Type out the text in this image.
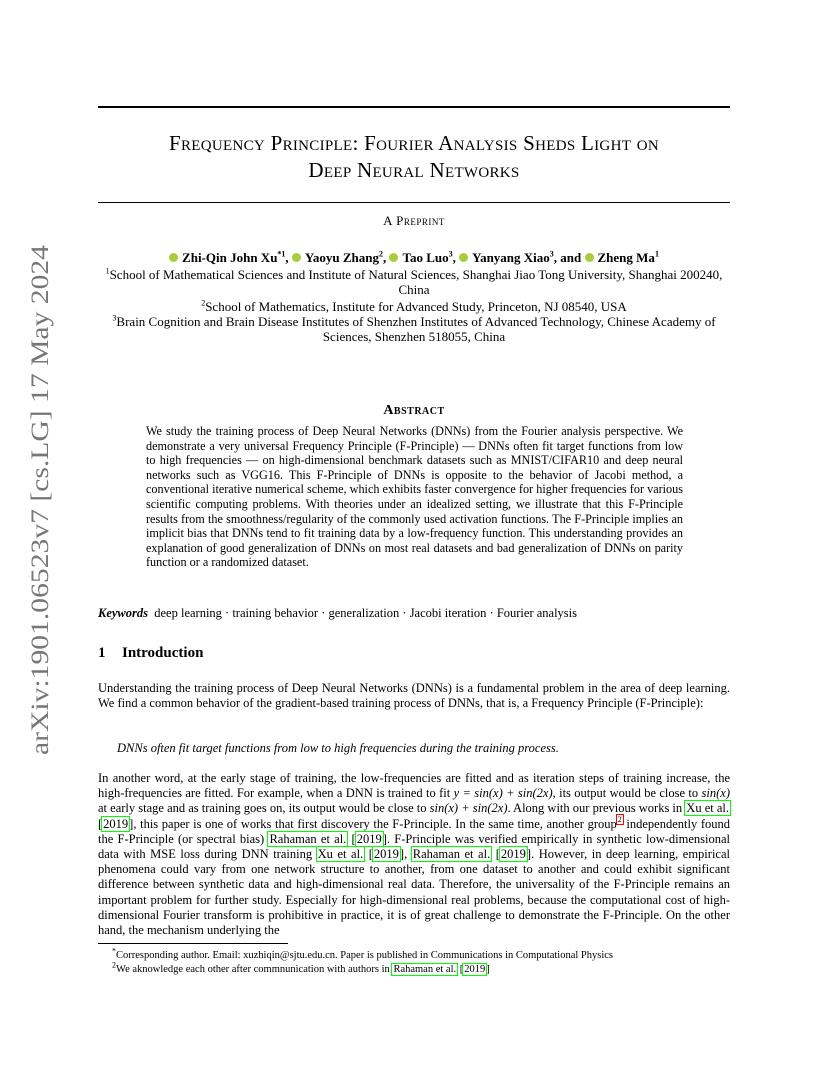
arXiv:1901.06523v7 [cs.LG] 17 May 2024
Frequency Principle: Fourier Analysis Sheds Light on
Deep Neural Networks
A Preprint
Zhi-Qin John Xu$^{*1}$, Yaoyu Zhang$^2$, Tao Luo$^3$, Yanyang Xiao$^3$, and Zheng Ma$^1$
$^1$School of Mathematical Sciences and Institute of Natural Sciences, Shanghai Jiao Tong University, Shanghai 200240, China
$^2$School of Mathematics, Institute for Advanced Study, Princeton, NJ 08540, USA
$^3$Brain Cognition and Brain Disease Institutes of Shenzhen Institutes of Advanced Technology, Chinese Academy of Sciences, Shenzhen 518055, China
Abstract
We study the training process of Deep Neural Networks (DNNs) from the Fourier analysis perspective. We demonstrate a very universal Frequency Principle (F-Principle) — DNNs often fit target functions from low to high frequencies — on high-dimensional benchmark datasets such as MNIST/CIFAR10 and deep neural networks such as VGG16. This F-Principle of DNNs is opposite to the behavior of Jacobi method, a conventional iterative numerical scheme, which exhibits faster convergence for higher frequencies for various scientific computing problems. With theories under an idealized setting, we illustrate that this F-Principle results from the smoothness/regularity of the commonly used activation functions. The F-Principle implies an implicit bias that DNNs tend to fit training data by a low-frequency function. This understanding provides an explanation of good generalization of DNNs on most real datasets and bad generalization of DNNs on parity function or a randomized dataset.
Keywords deep learning · training behavior · generalization · Jacobi iteration · Fourier analysis
1 Introduction
Understanding the training process of Deep Neural Networks (DNNs) is a fundamental problem in the area of deep learning. We find a common behavior of the gradient-based training process of DNNs, that is, a Frequency Principle (F-Principle):
DNNs often fit target functions from low to high frequencies during the training process.
In another word, at the early stage of training, the low-frequencies are fitted and as iteration steps of training increase, the high-frequencies are fitted. For example, when a DNN is trained to fit y = sin(x) + sin(2x), its output would be close to sin(x) at early stage and as training goes on, its output would be close to sin(x) + sin(2x). Along with our previous works in Xu et al. [2019], this paper is one of works that first discovery the F-Principle. In the same time, another group$^2$ independently found the F-Principle (or spectral bias) Rahaman et al. [2019]. F-Principle was verified empirically in synthetic low-dimensional data with MSE loss during DNN training Xu et al. [2019], Rahaman et al. [2019]. However, in deep learning, empirical phenomena could vary from one network structure to another, from one dataset to another and could exhibit significant difference between synthetic data and high-dimensional real data. Therefore, the universality of the F-Principle remains an important problem for further study. Especially for high-dimensional real problems, because the computational cost of high-dimensional Fourier transform is prohibitive in practice, it is of great challenge to demonstrate the F-Principle. On the other hand, the mechanism underlying the
*Corresponding author. Email: xuzhiqin@sjtu.edu.cn. Paper is published in Communications in Computational Physics
$^2$We aknowledge each other after commnunication with authors in Rahaman et al. [2019]
